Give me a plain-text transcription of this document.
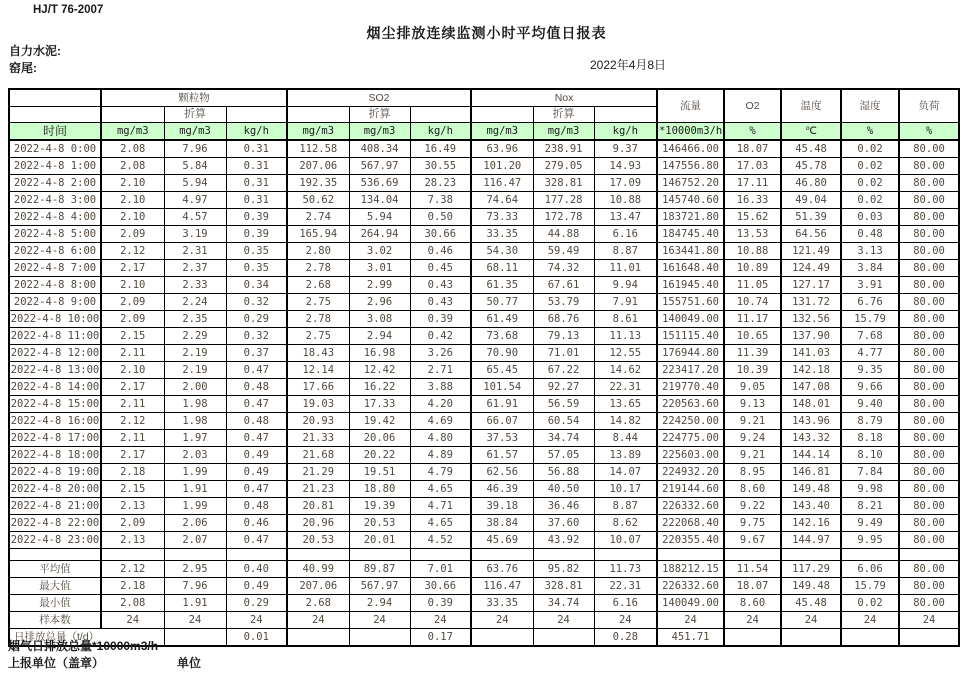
HJ/T 76-2007
烟尘排放连续监测小时平均值日报表
自力水泥:
窑尾:	2022年4月8日
	颗粒物			SO2			Nox			流量	O2	温度	湿度	负荷
		折算			折算			折算						
时间	mg/m3	mg/m3	kg/h	mg/m3	mg/m3	kg/h	mg/m3	mg/m3	kg/h	*10000m3/h	%	℃	%	%
2022-4-8 0:00	2.08	7.96	0.31	112.58	408.34	16.49	63.96	238.91	9.37	146466.00	18.07	45.48	0.02	80.00
2022-4-8 1:00	2.08	5.84	0.31	207.06	567.97	30.55	101.20	279.05	14.93	147556.80	17.03	45.78	0.02	80.00
2022-4-8 2:00	2.10	5.94	0.31	192.35	536.69	28.23	116.47	328.81	17.09	146752.20	17.11	46.80	0.02	80.00
2022-4-8 3:00	2.10	4.97	0.31	50.62	134.04	7.38	74.64	177.28	10.88	145740.60	16.33	49.04	0.02	80.00
2022-4-8 4:00	2.10	4.57	0.39	2.74	5.94	0.50	73.33	172.78	13.47	183721.80	15.62	51.39	0.03	80.00
2022-4-8 5:00	2.09	3.19	0.39	165.94	264.94	30.66	33.35	44.88	6.16	184745.40	13.53	64.56	0.48	80.00
2022-4-8 6:00	2.12	2.31	0.35	2.80	3.02	0.46	54.30	59.49	8.87	163441.80	10.88	121.49	3.13	80.00
2022-4-8 7:00	2.17	2.37	0.35	2.78	3.01	0.45	68.11	74.32	11.01	161648.40	10.89	124.49	3.84	80.00
2022-4-8 8:00	2.10	2.33	0.34	2.68	2.99	0.43	61.35	67.61	9.94	161945.40	11.05	127.17	3.91	80.00
2022-4-8 9:00	2.09	2.24	0.32	2.75	2.96	0.43	50.77	53.79	7.91	155751.60	10.74	131.72	6.76	80.00
2022-4-8 10:00	2.09	2.35	0.29	2.78	3.08	0.39	61.49	68.76	8.61	140049.00	11.17	132.56	15.79	80.00
2022-4-8 11:00	2.15	2.29	0.32	2.75	2.94	0.42	73.68	79.13	11.13	151115.40	10.65	137.90	7.68	80.00
2022-4-8 12:00	2.11	2.19	0.37	18.43	16.98	3.26	70.90	71.01	12.55	176944.80	11.39	141.03	4.77	80.00
2022-4-8 13:00	2.10	2.19	0.47	12.14	12.42	2.71	65.45	67.22	14.62	223417.20	10.39	142.18	9.35	80.00
2022-4-8 14:00	2.17	2.00	0.48	17.66	16.22	3.88	101.54	92.27	22.31	219770.40	9.05	147.08	9.66	80.00
2022-4-8 15:00	2.11	1.98	0.47	19.03	17.33	4.20	61.91	56.59	13.65	220563.60	9.13	148.01	9.40	80.00
2022-4-8 16:00	2.12	1.98	0.48	20.93	19.42	4.69	66.07	60.54	14.82	224250.00	9.21	143.96	8.79	80.00
2022-4-8 17:00	2.11	1.97	0.47	21.33	20.06	4.80	37.53	34.74	8.44	224775.00	9.24	143.32	8.18	80.00
2022-4-8 18:00	2.17	2.03	0.49	21.68	20.22	4.89	61.57	57.05	13.89	225603.00	9.21	144.14	8.10	80.00
2022-4-8 19:00	2.18	1.99	0.49	21.29	19.51	4.79	62.56	56.88	14.07	224932.20	8.95	146.81	7.84	80.00
2022-4-8 20:00	2.15	1.91	0.47	21.23	18.80	4.65	46.39	40.50	10.17	219144.60	8.60	149.48	9.98	80.00
2022-4-8 21:00	2.13	1.99	0.48	20.81	19.39	4.71	39.18	36.46	8.87	226332.60	9.22	143.40	8.21	80.00
2022-4-8 22:00	2.09	2.06	0.46	20.96	20.53	4.65	38.84	37.60	8.62	222068.40	9.75	142.16	9.49	80.00
2022-4-8 23:00	2.13	2.07	0.47	20.53	20.01	4.52	45.69	43.92	10.07	220355.40	9.67	144.97	9.95	80.00

平均值	2.12	2.95	0.40	40.99	89.87	7.01	63.76	95.82	11.73	188212.15	11.54	117.29	6.06	80.00
最大值	2.18	7.96	0.49	207.06	567.97	30.66	116.47	328.81	22.31	226332.60	18.07	149.48	15.79	80.00
最小值	2.08	1.91	0.29	2.68	2.94	0.39	33.35	34.74	6.16	140049.00	8.60	45.48	0.02	80.00
样本数	24	24	24	24	24	24	24	24	24	24	24	24	24	24
日排放总量（t/d）			0.01			0.17			0.28	451.71				
烟气日排放总量*10000m3/h
上报单位（盖章）	单位
